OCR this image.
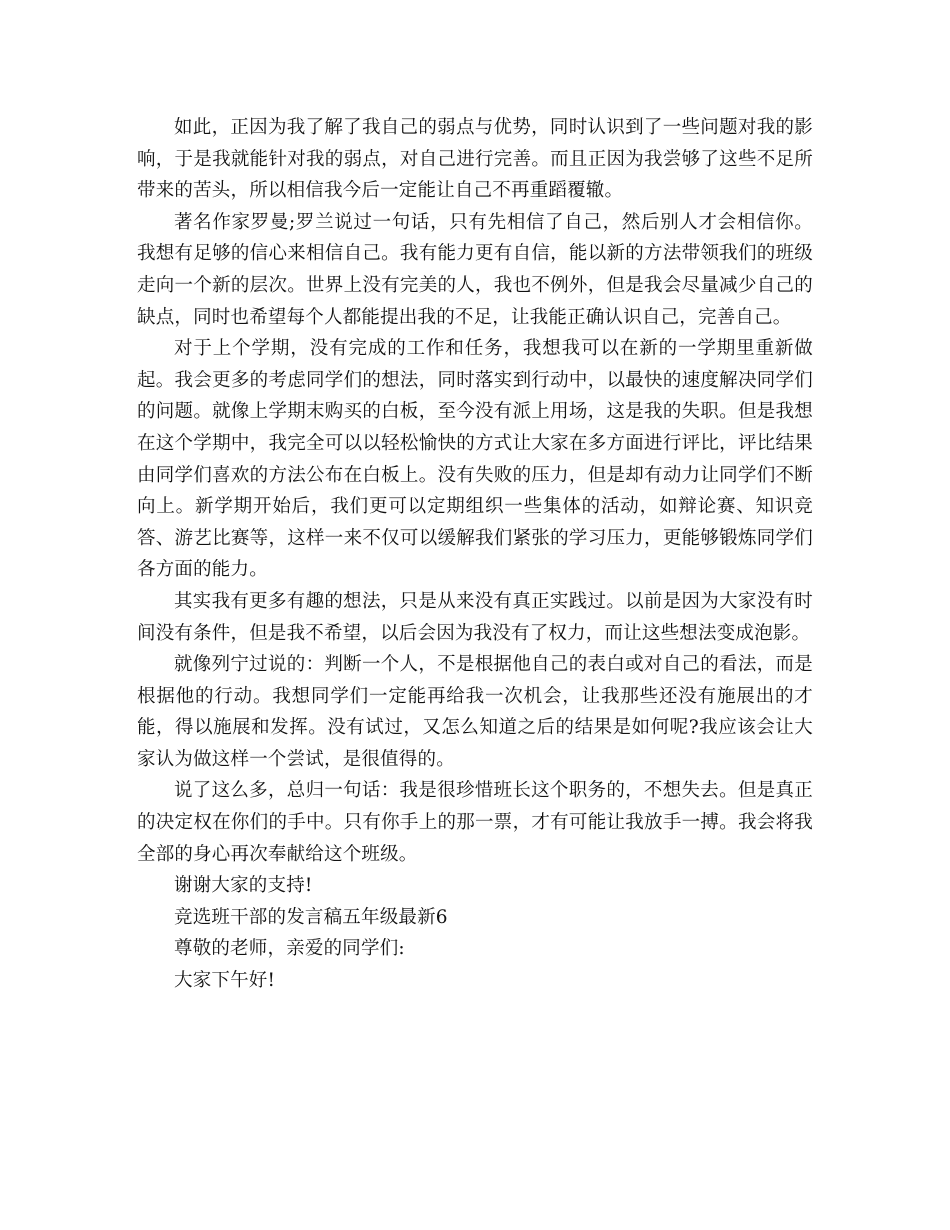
如此，正因为我了解了我自己的弱点与优势，同时认识到了一些问题对我的影响，于是我就能针对我的弱点，对自己进行完善。而且正因为我尝够了这些不足所带来的苦头，所以相信我今后一定能让自己不再重蹈覆辙。

著名作家罗曼;罗兰说过一句话，只有先相信了自己，然后别人才会相信你。我想有足够的信心来相信自己。我有能力更有自信，能以新的方法带领我们的班级走向一个新的层次。世界上没有完美的人，我也不例外，但是我会尽量减少自己的缺点，同时也希望每个人都能提出我的不足，让我能正确认识自己，完善自己。

对于上个学期，没有完成的工作和任务，我想我可以在新的一学期里重新做起。我会更多的考虑同学们的想法，同时落实到行动中，以最快的速度解决同学们的问题。就像上学期末购买的白板，至今没有派上用场，这是我的失职。但是我想在这个学期中，我完全可以以轻松愉快的方式让大家在多方面进行评比，评比结果由同学们喜欢的方法公布在白板上。没有失败的压力，但是却有动力让同学们不断向上。新学期开始后，我们更可以定期组织一些集体的活动，如辩论赛、知识竞答、游艺比赛等，这样一来不仅可以缓解我们紧张的学习压力，更能够锻炼同学们各方面的能力。

其实我有更多有趣的想法，只是从来没有真正实践过。以前是因为大家没有时间没有条件，但是我不希望，以后会因为我没有了权力，而让这些想法变成泡影。

就像列宁过说的：判断一个人，不是根据他自己的表白或对自己的看法，而是根据他的行动。我想同学们一定能再给我一次机会，让我那些还没有施展出的才能，得以施展和发挥。没有试过，又怎么知道之后的结果是如何呢?我应该会让大家认为做这样一个尝试，是很值得的。

说了这么多，总归一句话：我是很珍惜班长这个职务的，不想失去。但是真正的决定权在你们的手中。只有你手上的那一票，才有可能让我放手一搏。我会将我全部的身心再次奉献给这个班级。

谢谢大家的支持!

竞选班干部的发言稿五年级最新6

尊敬的老师，亲爱的同学们:

大家下午好!
